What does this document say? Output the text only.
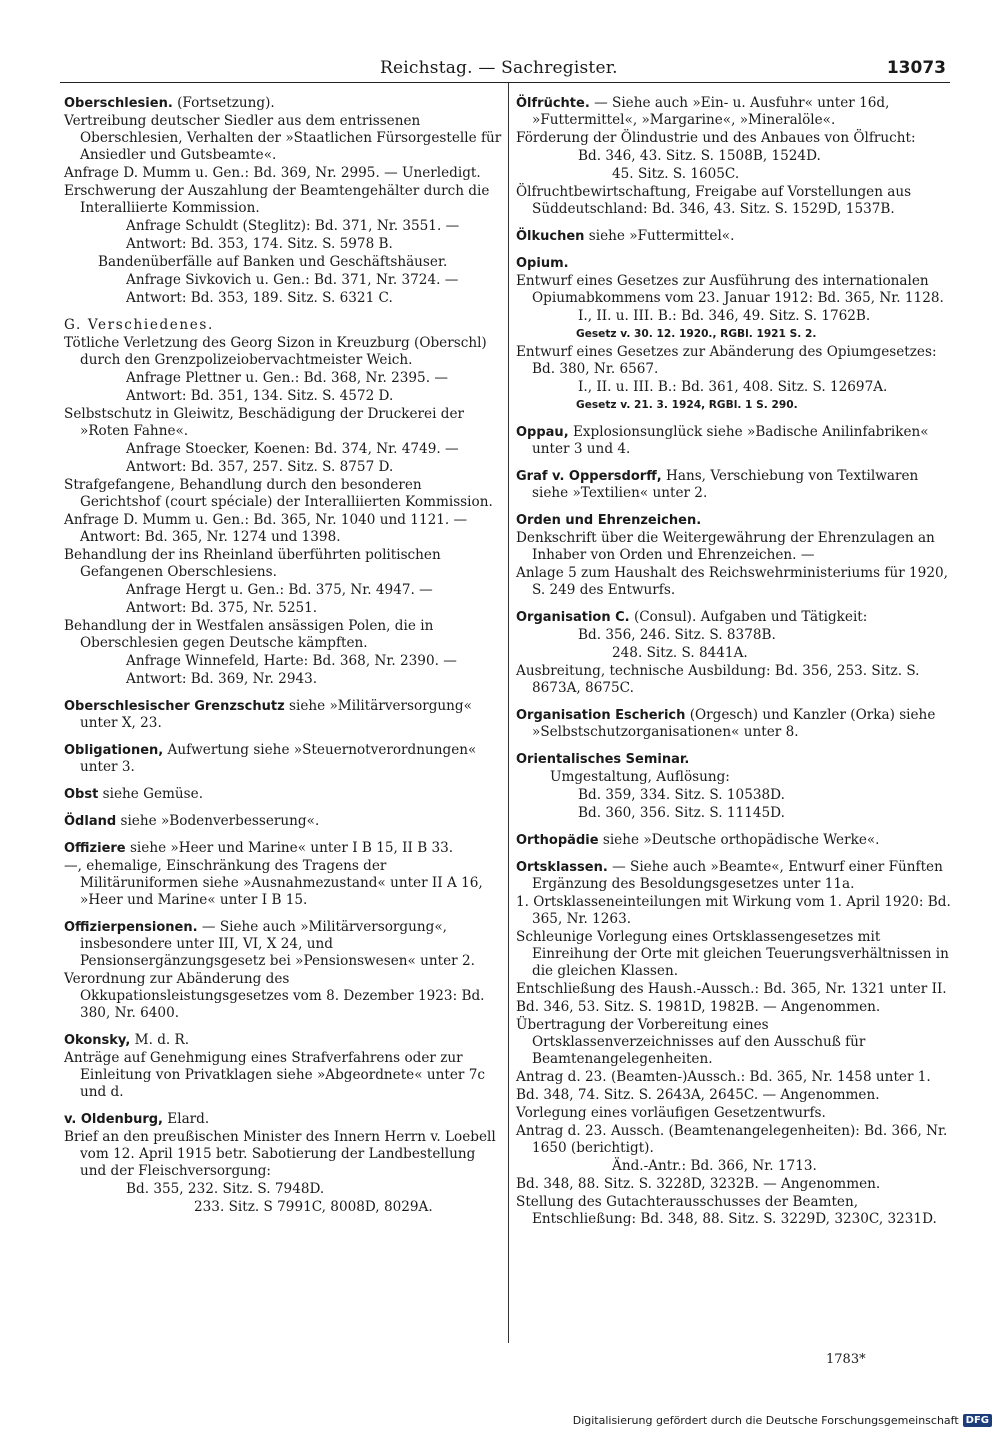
Reichstag. — Sachregister.	13073

Oberschlesien. (Fortsetzung).

Vertreibung deutscher Siedler aus dem entrissenen Oberschlesien, Verhalten der »Staatlichen Fürsorgestelle für Ansiedler und Gutsbeamte«.

Anfrage D. Mumm u. Gen.: Bd. 369, Nr. 2995. — Unerledigt.

Erschwerung der Auszahlung der Beamtengehälter durch die Interalliierte Kommission.

Anfrage Schuldt (Steglitz): Bd. 371, Nr. 3551. —

Antwort: Bd. 353, 174. Sitz. S. 5978 B.

Bandenüberfälle auf Banken und Geschäftshäuser.

Anfrage Sivkovich u. Gen.: Bd. 371, Nr. 3724. —

Antwort: Bd. 353, 189. Sitz. S. 6321 C.

G. Verschiedenes.

Tötliche Verletzung des Georg Sizon in Kreuzburg (Oberschl) durch den Grenzpolizeiobervachtmeister Weich.

Anfrage Plettner u. Gen.: Bd. 368, Nr. 2395. —

Antwort: Bd. 351, 134. Sitz. S. 4572 D.

Selbstschutz in Gleiwitz, Beschädigung der Druckerei der »Roten Fahne«.

Anfrage Stoecker, Koenen: Bd. 374, Nr. 4749. —

Antwort: Bd. 357, 257. Sitz. S. 8757 D.

Strafgefangene, Behandlung durch den besonderen Gerichtshof (court spéciale) der Interalliierten Kommission.

Anfrage D. Mumm u. Gen.: Bd. 365, Nr. 1040 und 1121. — Antwort: Bd. 365, Nr. 1274 und 1398.

Behandlung der ins Rheinland überführten politischen Gefangenen Oberschlesiens.

Anfrage Hergt u. Gen.: Bd. 375, Nr. 4947. —

Antwort: Bd. 375, Nr. 5251.

Behandlung der in Westfalen ansässigen Polen, die in Oberschlesien gegen Deutsche kämpften.

Anfrage Winnefeld, Harte: Bd. 368, Nr. 2390. —

Antwort: Bd. 369, Nr. 2943.

Oberschlesischer Grenzschutz siehe »Militärversorgung« unter X, 23.

Obligationen, Aufwertung siehe »Steuernotverordnungen« unter 3.

Obst siehe Gemüse.

Ödland siehe »Bodenverbesserung«.

Offiziere siehe »Heer und Marine« unter I B 15, II B 33.

—, ehemalige, Einschränkung des Tragens der Militäruniformen siehe »Ausnahmezustand« unter II A 16, »Heer und Marine« unter I B 15.

Offizierpensionen. — Siehe auch »Militärversorgung«, insbesondere unter III, VI, X 24, und Pensionsergänzungsgesetz bei »Pensionswesen« unter 2.

Verordnung zur Abänderung des Okkupationsleistungsgesetzes vom 8. Dezember 1923: Bd. 380, Nr. 6400.

Okonsky, M. d. R.

Anträge auf Genehmigung eines Strafverfahrens oder zur Einleitung von Privatklagen siehe »Abgeordnete« unter 7c und d.

v. Oldenburg, Elard.

Brief an den preußischen Minister des Innern Herrn v. Loebell vom 12. April 1915 betr. Sabotierung der Landbestellung und der Fleischversorgung:

Bd. 355, 232. Sitz. S. 7948D.

233. Sitz. S 7991C, 8008D, 8029A.

Ölfrüchte. — Siehe auch »Ein- u. Ausfuhr« unter 16d, »Futtermittel«, »Margarine«, »Mineralöle«.

Förderung der Ölindustrie und des Anbaues von Ölfrucht:

Bd. 346, 43. Sitz. S. 1508B, 1524D.

45. Sitz. S. 1605C.

Ölfruchtbewirtschaftung, Freigabe auf Vorstellungen aus Süddeutschland: Bd. 346, 43. Sitz. S. 1529D, 1537B.

Ölkuchen siehe »Futtermittel«.

Opium.

Entwurf eines Gesetzes zur Ausführung des internationalen Opiumabkommens vom 23. Januar 1912: Bd. 365, Nr. 1128.

I., II. u. III. B.: Bd. 346, 49. Sitz. S. 1762B.

Gesetz v. 30. 12. 1920., RGBl. 1921 S. 2.

Entwurf eines Gesetzes zur Abänderung des Opiumgesetzes: Bd. 380, Nr. 6567.

I., II. u. III. B.: Bd. 361, 408. Sitz. S. 12697A.

Gesetz v. 21. 3. 1924, RGBl. 1 S. 290.

Oppau, Explosionsunglück siehe »Badische Anilinfabriken« unter 3 und 4.

Graf v. Oppersdorff, Hans, Verschiebung von Textilwaren siehe »Textilien« unter 2.

Orden und Ehrenzeichen.

Denkschrift über die Weitergewährung der Ehrenzulagen an Inhaber von Orden und Ehrenzeichen. —

Anlage 5 zum Haushalt des Reichswehrministeriums für 1920, S. 249 des Entwurfs.

Organisation C. (Consul). Aufgaben und Tätigkeit:

Bd. 356, 246. Sitz. S. 8378B.

248. Sitz. S. 8441A.

Ausbreitung, technische Ausbildung: Bd. 356, 253. Sitz. S. 8673A, 8675C.

Organisation Escherich (Orgesch) und Kanzler (Orka) siehe »Selbstschutzorganisationen« unter 8.

Orientalisches Seminar.

Umgestaltung, Auflösung:

Bd. 359, 334. Sitz. S. 10538D.

Bd. 360, 356. Sitz. S. 11145D.

Orthopädie siehe »Deutsche orthopädische Werke«.

Ortsklassen. — Siehe auch »Beamte«, Entwurf einer Fünften Ergänzung des Besoldungsgesetzes unter 11a.

1. Ortsklasseneinteilungen mit Wirkung vom 1. April 1920: Bd. 365, Nr. 1263.

Schleunige Vorlegung eines Ortsklassengesetzes mit Einreihung der Orte mit gleichen Teuerungsverhältnissen in die gleichen Klassen.

Entschließung des Haush.-Aussch.: Bd. 365, Nr. 1321 unter II.

Bd. 346, 53. Sitz. S. 1981D, 1982B. — Angenommen.

Übertragung der Vorbereitung eines Ortsklassenverzeichnisses auf den Ausschuß für Beamtenangelegenheiten.

Antrag d. 23. (Beamten-)Aussch.: Bd. 365, Nr. 1458 unter 1.

Bd. 348, 74. Sitz. S. 2643A, 2645C. — Angenommen.

Vorlegung eines vorläufigen Gesetzentwurfs.

Antrag d. 23. Aussch. (Beamtenangelegenheiten): Bd. 366, Nr. 1650 (berichtigt).

Änd.-Antr.: Bd. 366, Nr. 1713.

Bd. 348, 88. Sitz. S. 3228D, 3232B. — Angenommen.

Stellung des Gutachterausschusses der Beamten, Entschließung: Bd. 348, 88. Sitz. S. 3229D, 3230C, 3231D.

1783*
Digitalisierung gefördert durch die Deutsche Forschungsgemeinschaft DFG
